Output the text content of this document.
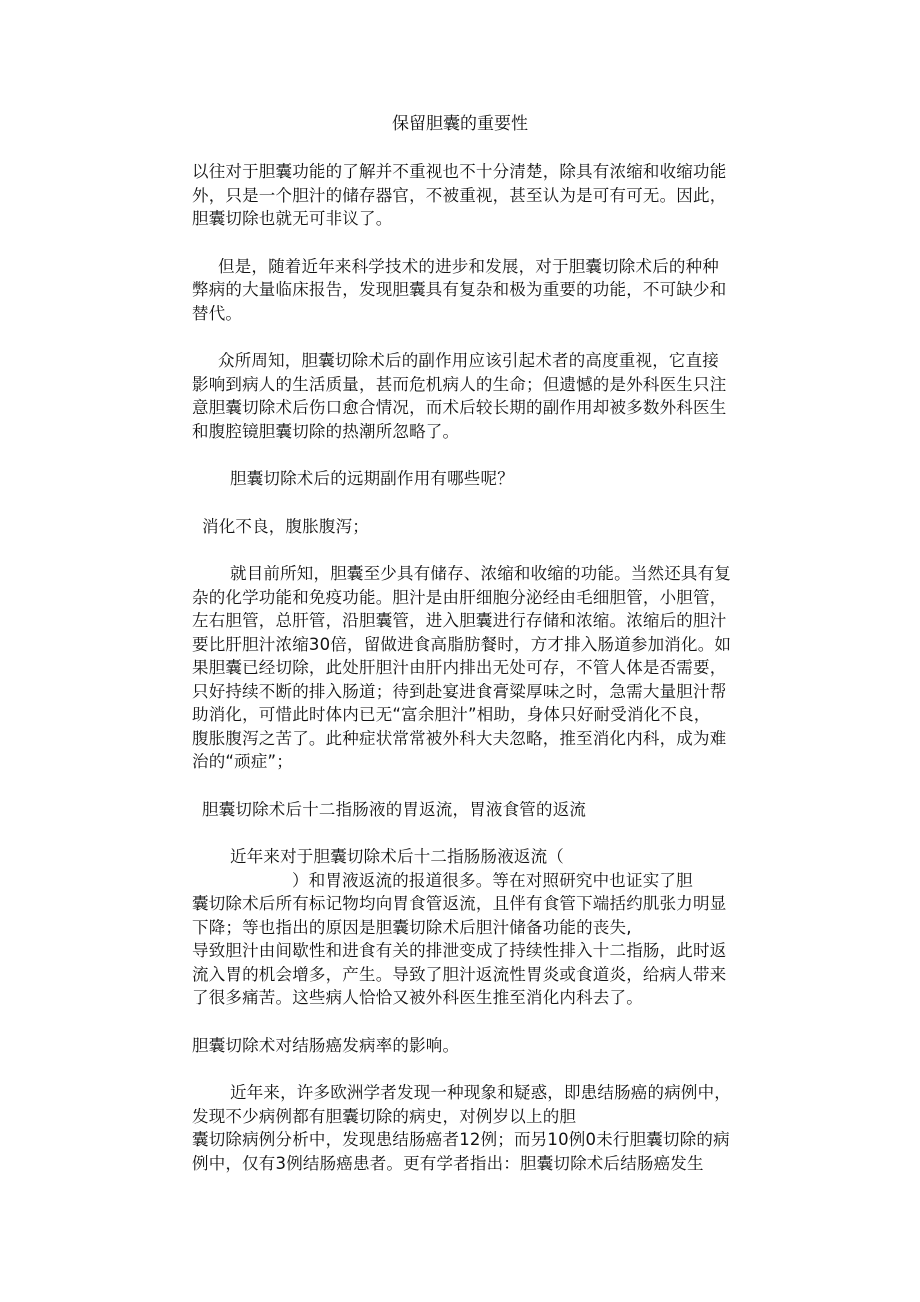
保留胆囊的重要性
以往对于胆囊功能的了解并不重视也不十分清楚，除具有浓缩和收缩功能
外，只是一个胆汁的储存器官，不被重视，甚至认为是可有可无。因此，
胆囊切除也就无可非议了。
但是，随着近年来科学技术的进步和发展，对于胆囊切除术后的种种
弊病的大量临床报告，发现胆囊具有复杂和极为重要的功能，不可缺少和
替代。
众所周知，胆囊切除术后的副作用应该引起术者的高度重视，它直接
影响到病人的生活质量，甚而危机病人的生命；但遗憾的是外科医生只注
意胆囊切除术后伤口愈合情况，而术后较长期的副作用却被多数外科医生
和腹腔镜胆囊切除的热潮所忽略了。
胆囊切除术后的远期副作用有哪些呢？
消化不良，腹胀腹泻；
就目前所知，胆囊至少具有储存、浓缩和收缩的功能。当然还具有复
杂的化学功能和免疫功能。胆汁是由肝细胞分泌经由毛细胆管，小胆管，
左右胆管，总肝管，沿胆囊管，进入胆囊进行存储和浓缩。浓缩后的胆汁
要比肝胆汁浓缩30倍，留做进食高脂肪餐时，方才排入肠道参加消化。如
果胆囊已经切除，此处肝胆汁由肝内排出无处可存，不管人体是否需要，
只好持续不断的排入肠道；待到赴宴进食膏粱厚味之时，急需大量胆汁帮
助消化，可惜此时体内已无“富余胆汁”相助，身体只好耐受消化不良，
腹胀腹泻之苦了。此种症状常常被外科大夫忽略，推至消化内科，成为难
治的“顽症”；
胆囊切除术后十二指肠液的胃返流，胃液食管的返流
近年来对于胆囊切除术后十二指肠肠液返流（
）和胃液返流的报道很多。等在对照研究中也证实了胆
囊切除术后所有标记物均向胃食管返流，且伴有食管下端括约肌张力明显
下降；等也指出的原因是胆囊切除术后胆汁储备功能的丧失,
导致胆汁由间歇性和进食有关的排泄变成了持续性排入十二指肠，此时返
流入胃的机会增多，产生。导致了胆汁返流性胃炎或食道炎，给病人带来
了很多痛苦。这些病人恰恰又被外科医生推至消化内科去了。
胆囊切除术对结肠癌发病率的影响。
近年来，许多欧洲学者发现一种现象和疑惑，即患结肠癌的病例中，
发现不少病例都有胆囊切除的病史，对例岁以上的胆
囊切除病例分析中，发现患结肠癌者12例；而另10例0未行胆囊切除的病
例中，仅有3例结肠癌患者。更有学者指出：胆囊切除术后结肠癌发生
